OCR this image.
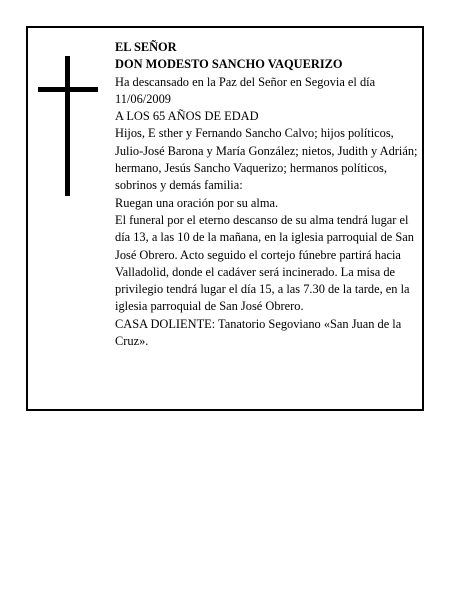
EL SEÑOR

DON MODESTO SANCHO VAQUERIZO

Ha descansado en la Paz del Señor en Segovia el día 11/06/2009

A LOS 65 AÑOS DE EDAD

Hijos, E sther y Fernando Sancho Calvo; hijos políticos, Julio-José Barona y María González; nietos, Judith y Adrián; hermano, Jesús Sancho Vaquerizo; hermanos políticos, sobrinos y demás familia:

Ruegan una oración por su alma.

El funeral por el eterno descanso de su alma tendrá lugar el día 13, a las 10 de la mañana, en la iglesia parroquial de San José Obrero. Acto seguido el cortejo fúnebre partirá hacia Valladolid, donde el cadáver será incinerado. La misa de privilegio tendrá lugar el día 15, a las 7.30 de la tarde, en la iglesia parroquial de San José Obrero.

CASA DOLIENTE: Tanatorio Segoviano «San Juan de la Cruz».
